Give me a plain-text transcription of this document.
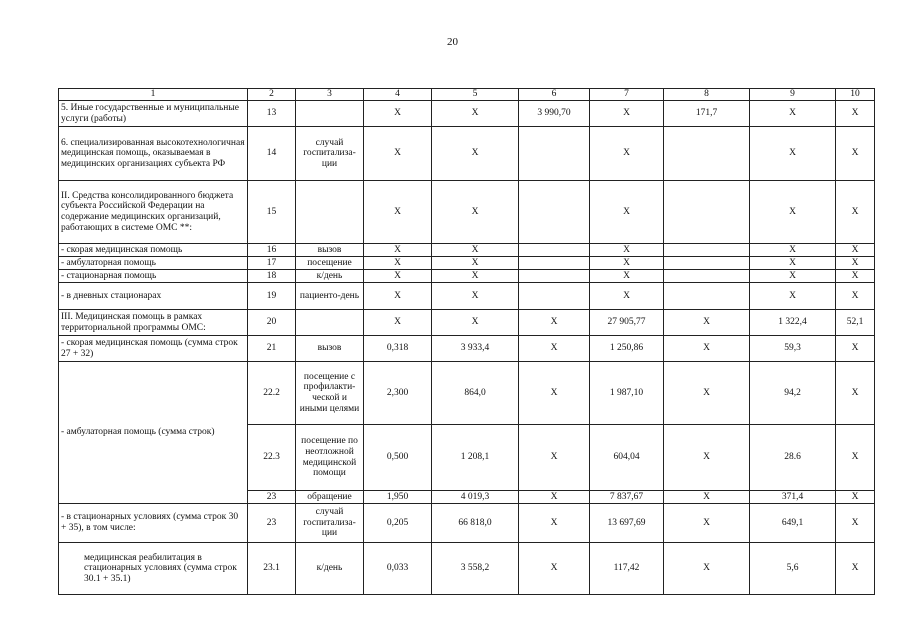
20
1	2	3	4	5	6	7	8	9	10
5. Иные государственные и муниципальные услуги (работы)	13		X	X	3 990,70	X	171,7	X	X
6. специализированная высокотехнологичная медицинская помощь, оказываемая в медицинских организациях субъекта РФ	14	случай госпитализа-ции	X	X		X		X	X
II. Средства консолидированного бюджета субъекта Российской Федерации на содержание медицинских организаций, работающих в системе ОМС **:	15		X	X		X		X	X
- скорая медицинская помощь	16	вызов	X	X		X		X	X
- амбулаторная помощь	17	посещение	X	X		X		X	X
- стационарная помощь	18	к/день	X	X		X		X	X
- в дневных стационарах	19	пациенто-день	X	X		X		X	X
III. Медицинская помощь в рамках территориальной программы ОМС:	20		X	X	X	27 905,77	X	1 322,4	52,1
- скорая медицинская помощь (сумма строк 27 + 32)	21	вызов	0,318	3 933,4	X	1 250,86	X	59,3	X
- амбулаторная помощь (сумма строк)	22.2	посещение с профилакти-ческой и иными целями	2,300	864,0	X	1 987,10	X	94,2	X
	22.3	посещение по неотложной медицинской помощи	0,500	1 208,1	X	604,04	X	28.6	X
	23	обращение	1,950	4 019,3	X	7 837,67	X	371,4	X
- в стационарных условиях (сумма строк 30 + 35), в том числе:	23	случай госпитализа-ции	0,205	66 818,0	X	13 697,69	X	649,1	X
медицинская реабилитация в стационарных условиях (сумма строк 30.1 + 35.1)	23.1	к/день	0,033	3 558,2	X	117,42	X	5,6	X
